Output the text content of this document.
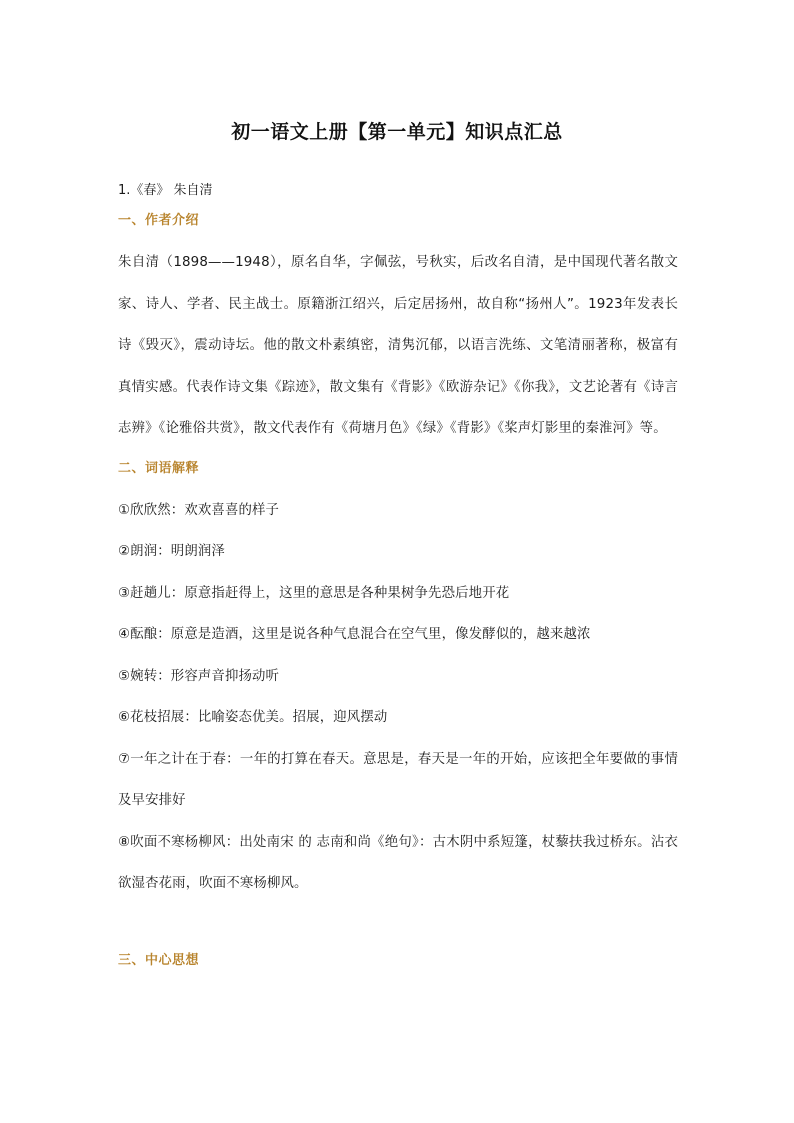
初一语文上册【第一单元】知识点汇总

1.《春》 朱自清

一、作者介绍

朱自清（1898——1948），原名自华，字佩弦，号秋实，后改名自清，是中国现代著名散文家、诗人、学者、民主战士。原籍浙江绍兴，后定居扬州，故自称“扬州人”。1923年发表长诗《毁灭》，震动诗坛。他的散文朴素缜密，清隽沉郁，以语言洗练、文笔清丽著称，极富有真情实感。代表作诗文集《踪迹》，散文集有《背影》《欧游杂记》《你我》，文艺论著有《诗言志辨》《论雅俗共赏》，散文代表作有《荷塘月色》《绿》《背影》《桨声灯影里的秦淮河》等。

二、词语解释
①欣欣然：欢欢喜喜的样子
②朗润：明朗润泽
③赶趟儿：原意指赶得上，这里的意思是各种果树争先恐后地开花
④酝酿：原意是造酒，这里是说各种气息混合在空气里，像发酵似的，越来越浓
⑤婉转：形容声音抑扬动听
⑥花枝招展：比喻姿态优美。招展，迎风摆动
⑦一年之计在于春：一年的打算在春天。意思是，春天是一年的开始，应该把全年要做的事情及早安排好
⑧吹面不寒杨柳风：出处南宋 的 志南和尚《绝句》：古木阴中系短篷，杖藜扶我过桥东。沾衣欲湿杏花雨，吹面不寒杨柳风。
三、中心思想
